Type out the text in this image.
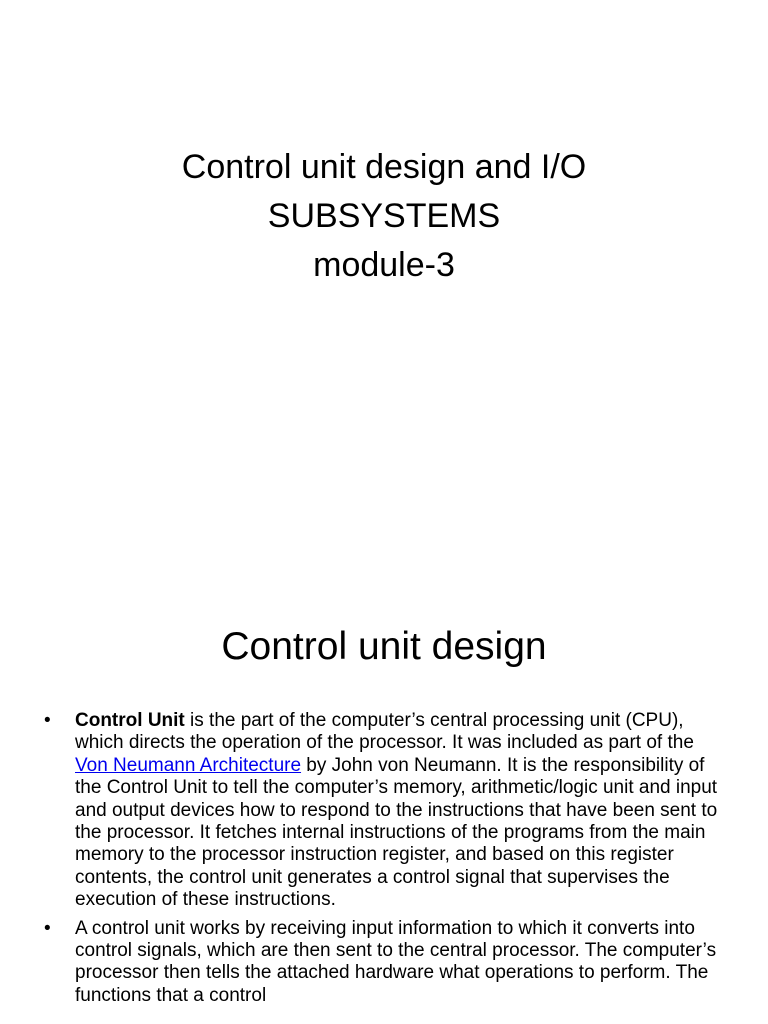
Control unit design and I/O
SUBSYSTEMS
module-3
Control unit design
• Control Unit is the part of the computer’s central processing unit (CPU), which directs the operation of the processor. It was included as part of the Von Neumann Architecture by John von Neumann. It is the responsibility of the Control Unit to tell the computer’s memory, arithmetic/logic unit and input and output devices how to respond to the instructions that have been sent to the processor. It fetches internal instructions of the programs from the main memory to the processor instruction register, and based on this register contents, the control unit generates a control signal that supervises the execution of these instructions.
• A control unit works by receiving input information to which it converts into control signals, which are then sent to the central processor. The computer’s processor then tells the attached hardware what operations to perform. The functions that a control
